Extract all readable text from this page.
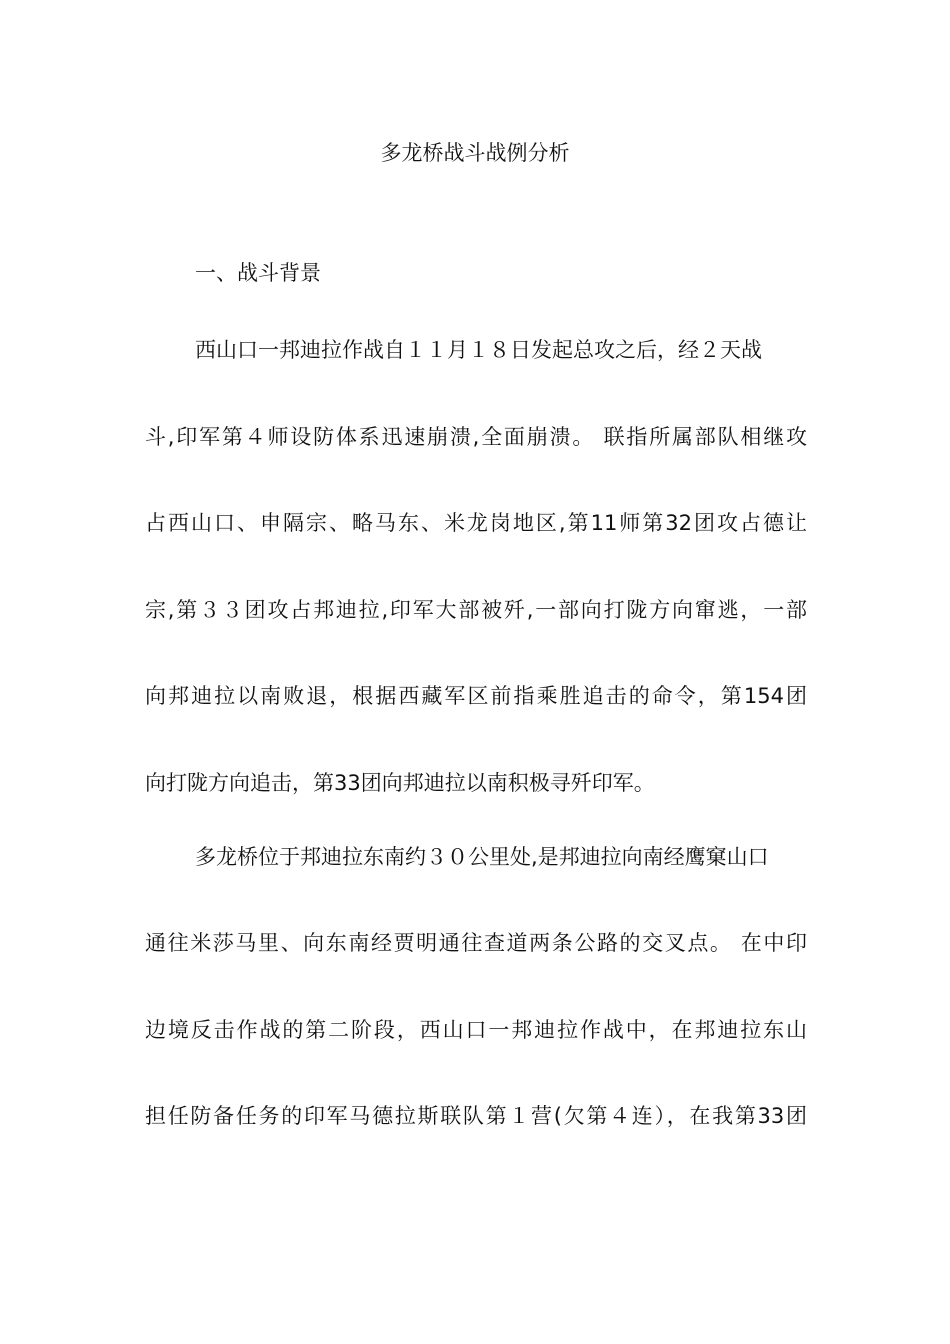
多龙桥战斗战例分析
一、战斗背景
西山口一邦迪拉作战自１１月１８日发起总攻之后，经２天战
斗,印军第４师设防体系迅速崩溃,全面崩溃。 联指所属部队相继攻
占西山口、申隔宗、略马东、米龙岗地区,第11师第32团攻占德让
宗,第３３团攻占邦迪拉,印军大部被歼,一部向打陇方向窜逃，一部
向邦迪拉以南败退，根据西藏军区前指乘胜追击的命令，第154团
向打陇方向追击，第33团向邦迪拉以南积极寻歼印军。
多龙桥位于邦迪拉东南约３０公里处,是邦迪拉向南经鹰窠山口
通往米莎马里、向东南经贾明通往查道两条公路的交叉点。 在中印
边境反击作战的第二阶段，西山口一邦迪拉作战中，在邦迪拉东山
担任防备任务的印军马德拉斯联队第１营(欠第４连），在我第33团
